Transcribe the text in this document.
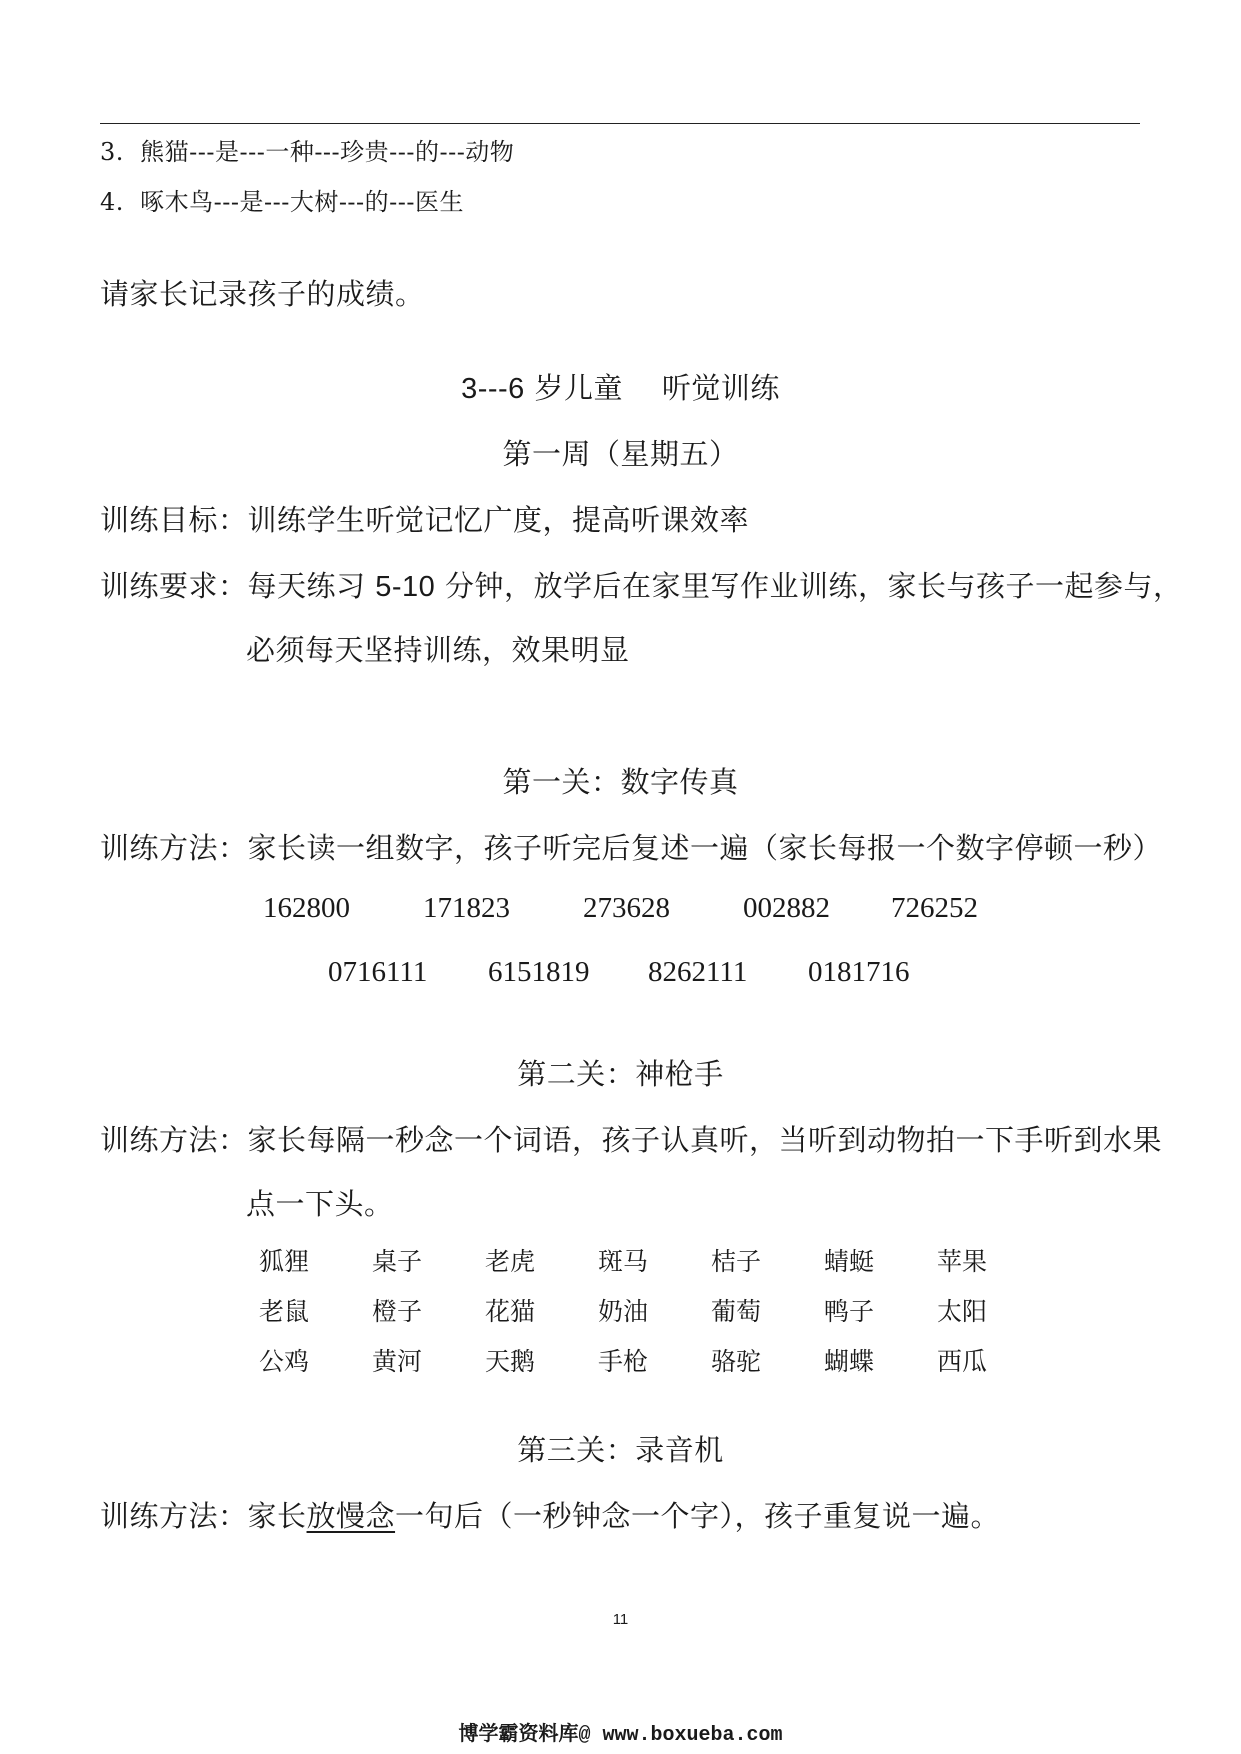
3. 熊猫---是---一种---珍贵---的---动物
4. 啄木鸟---是---大树---的---医生
请家长记录孩子的成绩。
3---6 岁儿童 听觉训练
第一周（星期五）
训练目标：训练学生听觉记忆广度，提高听课效率
训练要求：每天练习 5-10 分钟，放学后在家里写作业训练，家长与孩子一起参与，
必须每天坚持训练，效果明显
第一关：数字传真
训练方法：家长读一组数字，孩子听完后复述一遍（家长每报一个数字停顿一秒）
162800	171823	273628	002882 726252
0716111 6151819 8262111 0181716
第二关：神枪手
训练方法：家长每隔一秒念一个词语，孩子认真听，当听到动物拍一下手听到水果
点一下头。
狐狸	桌子	老虎	斑马	桔子	蜻蜓	苹果
老鼠	橙子	花猫	奶油	葡萄	鸭子	太阳
公鸡	黄河	天鹅	手枪	骆驼	蝴蝶	西瓜
第三关：录音机
训练方法：家长放慢念一句后（一秒钟念一个字），孩子重复说一遍。
11
博学霸资料库@ www.boxueba.com
